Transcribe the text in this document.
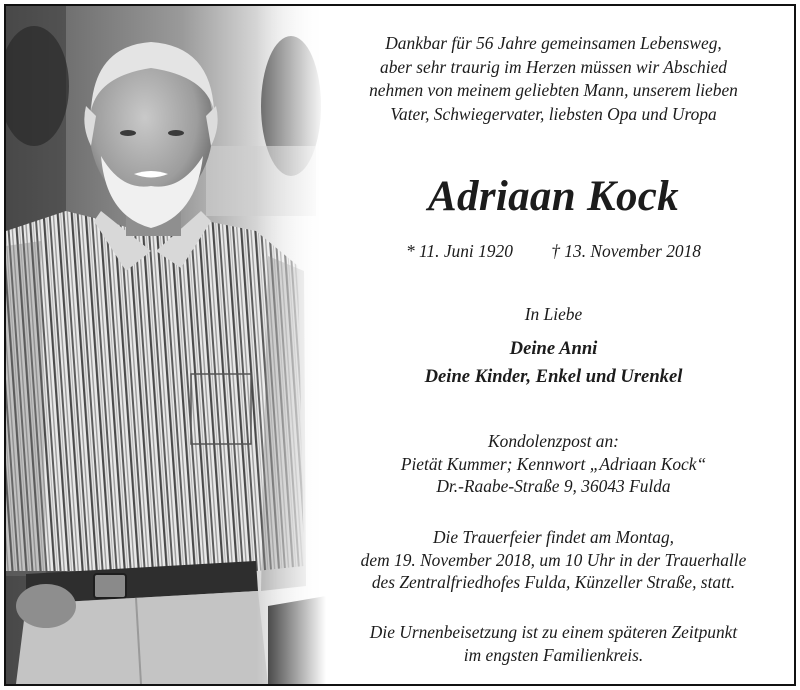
Dankbar für 56 Jahre gemeinsamen Lebensweg,
aber sehr traurig im Herzen müssen wir Abschied
nehmen von meinem geliebten Mann, unserem lieben
Vater, Schwiegervater, liebsten Opa und Uropa
Adriaan Kock
* 11. Juni 1920 † 13. November 2018
In Liebe
Deine Anni
Deine Kinder, Enkel und Urenkel
Kondolenzpost an:
Pietät Kummer; Kennwort „Adriaan Kock“
Dr.-Raabe-Straße 9, 36043 Fulda
Die Trauerfeier findet am Montag,
dem 19. November 2018, um 10 Uhr in der Trauerhalle
des Zentralfriedhofes Fulda, Künzeller Straße, statt.
Die Urnenbeisetzung ist zu einem späteren Zeitpunkt
im engsten Familienkreis.
